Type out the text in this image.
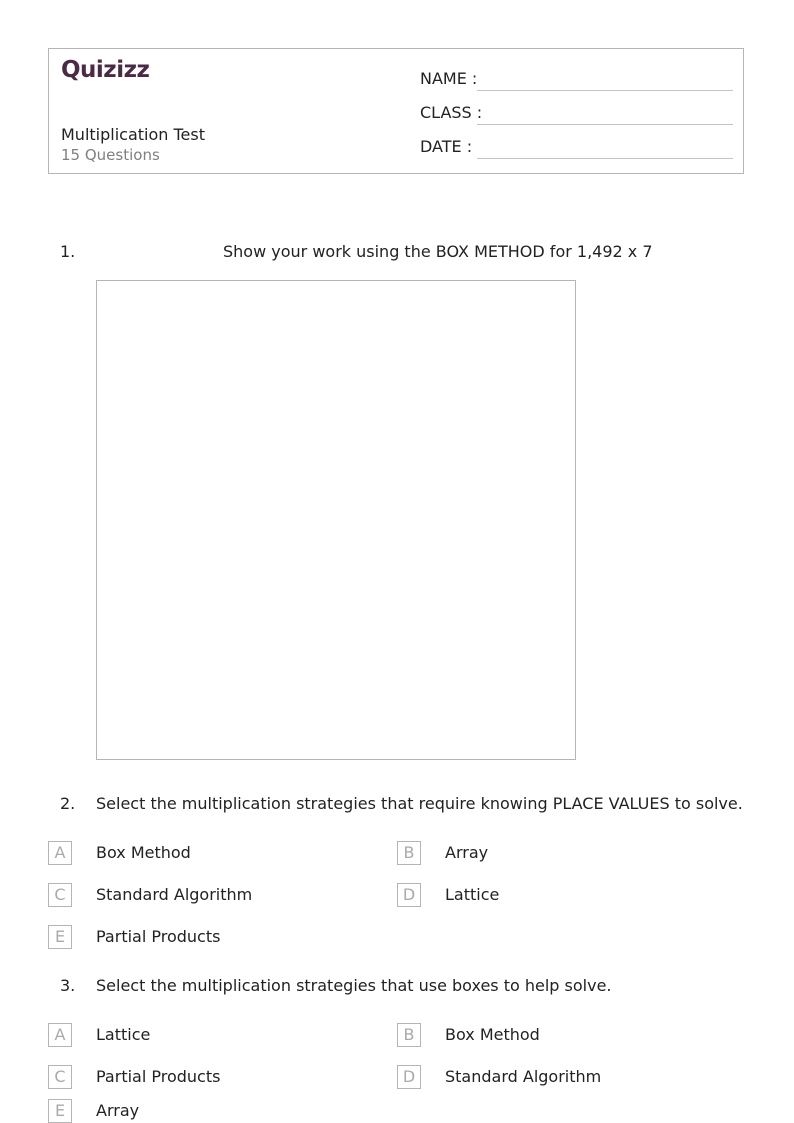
Quizizz
Multiplication Test
15 Questions
NAME :
CLASS :
DATE :
1.	Show your work using the BOX METHOD for 1,492 x 7
2. Select the multiplication strategies that require knowing PLACE VALUES to solve.
A	Box Method	B	Array
C	Standard Algorithm	D	Lattice
E	Partial Products
3. Select the multiplication strategies that use boxes to help solve.
A	Lattice	B	Box Method
C	Partial Products	D	Standard Algorithm
E	Array
